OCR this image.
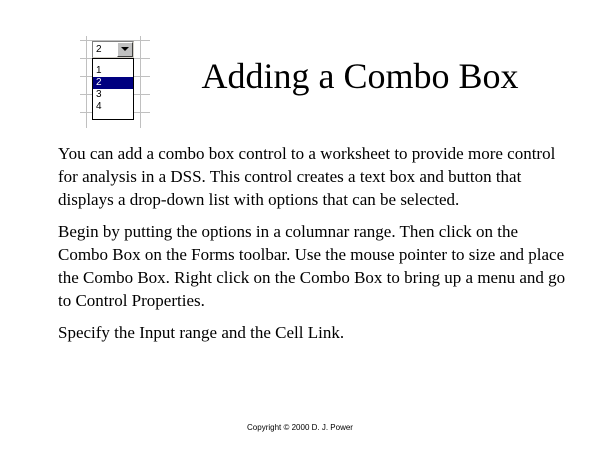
2
1
2
3
4
Adding a Combo Box

You can add a combo box control to a worksheet to provide more control for analysis in a DSS. This control creates a text box and button that displays a drop-down list with options that can be selected.

Begin by putting the options in a columnar range. Then click on the Combo Box on the Forms toolbar. Use the mouse pointer to size and place the Combo Box. Right click on the Combo Box to bring up a menu and go to Control Properties.

Specify the Input range and the Cell Link.

Copyright © 2000 D. J. Power
